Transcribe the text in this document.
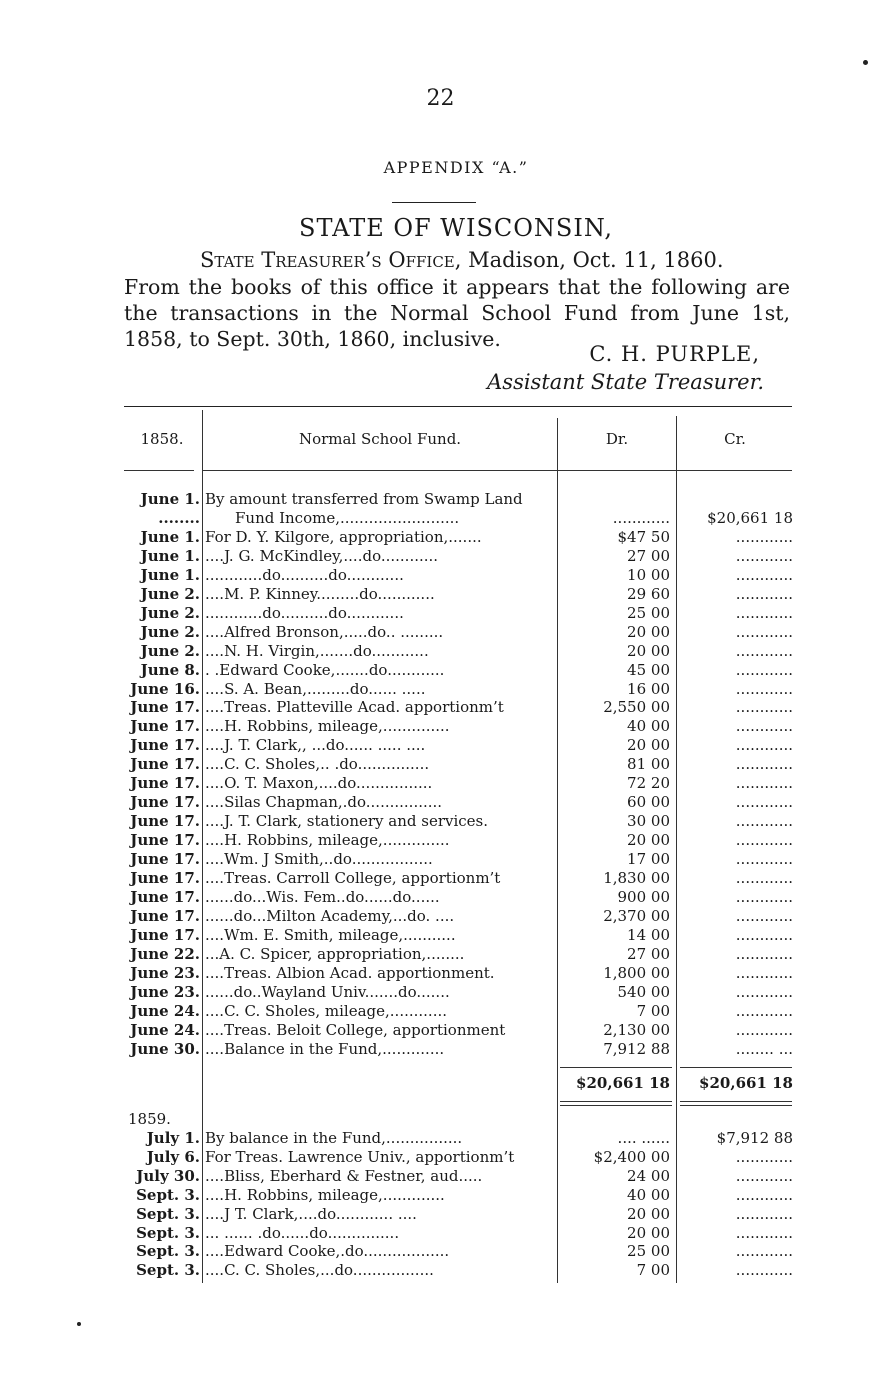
22
APPENDIX “A.”
STATE OF WISCONSIN,
State Treasurer’s Office, Madison, Oct. 11, 1860.
From the books of this office it appears that the following are the transactions in the Normal School Fund from June 1st, 1858, to Sept. 30th, 1860, inclusive.
C. H. PURPLE,
Assistant State Treasurer.
1858.	Normal School Fund.	Dr.	Cr.
June 1. By amount transferred from Swamp Land
........   Fund Income,.........................	............	$20,661 18
June 1. For D. Y. Kilgore, appropriation,.......	$47 50	............
June 1. ....J. G. McKindley,....do............	27 00	............
June 1. ............do..........do............	10 00	............
June 2. ....M. P. Kinney.........do............	29 60	............
June 2. ............do..........do............	25 00	............
June 2. ....Alfred Bronson,.....do.. .........	20 00	............
June 2. ....N. H. Virgin,.......do............	20 00	............
June 8. . .Edward Cooke,.......do............	45 00	............
June 16. ....S. A. Bean,.........do...... .....	16 00	............
June 17. ....Treas. Platteville Acad. apportionm’t	2,550 00	............
June 17. ....H. Robbins, mileage,..............	40 00	............
June 17. ....J. T. Clark,, ...do...... ..... ....	20 00	............
June 17. ....C. C. Sholes,.. .do...............	81 00	............
June 17. ....O. T. Maxon,....do................	72 20	............
June 17. ....Silas Chapman,.do................	60 00	............
June 17. ....J. T. Clark, stationery and services.	30 00	............
June 17. ....H. Robbins, mileage,..............	20 00	............
June 17. ....Wm. J Smith,..do.................	17 00	............
June 17. ....Treas. Carroll College, apportionm’t	1,830 00	............
June 17. ......do...Wis. Fem..do......do......	900 00	............
June 17. ......do...Milton Academy,...do. ....	2,370 00	............
June 17. ....Wm. E. Smith, mileage,...........	14 00	............
June 22. ...A. C. Spicer, appropriation,........	27 00	............
June 23. ....Treas. Albion Acad. apportionment.	1,800 00	............
June 23. ......do..Wayland Univ.......do.......	540 00	............
June 24. ....C. C. Sholes, mileage,............	7 00	............
June 24. ....Treas. Beloit College, apportionment	2,130 00	............
June 30. ....Balance in the Fund,.............	7,912 88	........ ...
$20,661 18	$20,661 18
1859.
July 1. By balance in the Fund,................	.... ......	$7,912 88
July 6. For Treas. Lawrence Univ., apportionm’t	$2,400 00	............
July 30. ....Bliss, Eberhard & Festner, aud.....	24 00	............
Sept. 3. ....H. Robbins, mileage,.............	40 00	............
Sept. 3. ....J T. Clark,....do............ ....	20 00	............
Sept. 3. ... ...... .do......do...............	20 00	............
Sept. 3. ....Edward Cooke,.do..................	25 00	............
Sept. 3. ....C. C. Sholes,...do.................	7 00	............
